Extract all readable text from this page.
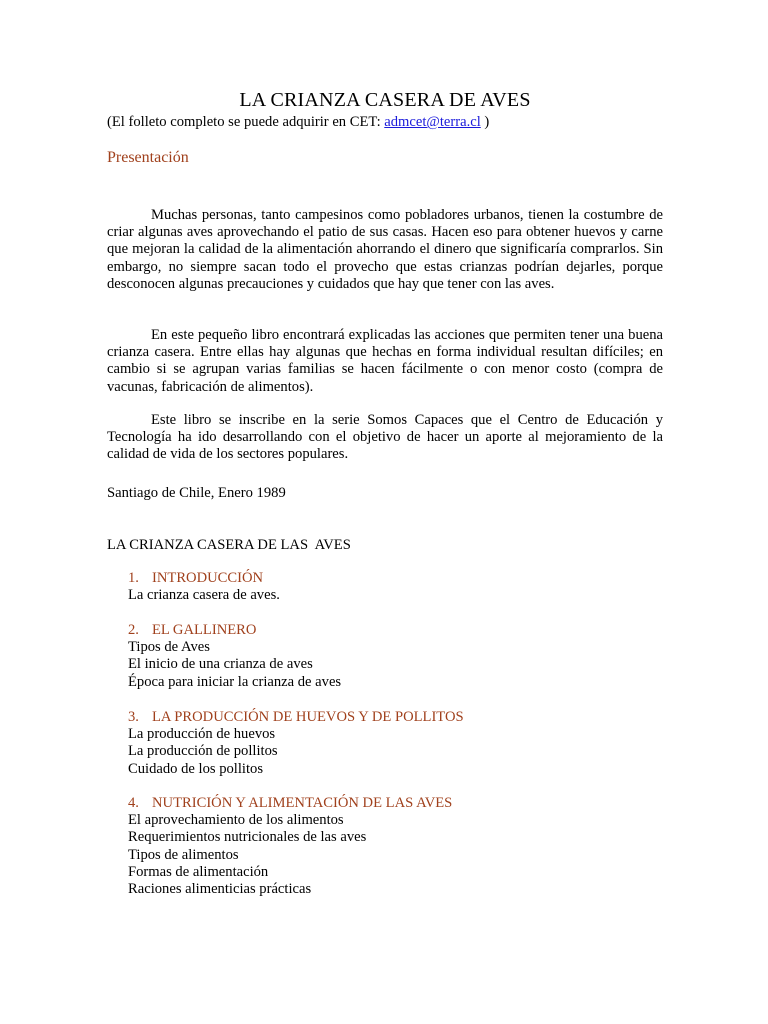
LA CRIANZA CASERA DE AVES
(El folleto completo se puede adquirir en CET: admcet@terra.cl )
Presentación

Muchas personas, tanto campesinos como pobladores urbanos, tienen la costumbre de criar algunas aves aprovechando el patio de sus casas. Hacen eso para obtener huevos y carne que mejoran la calidad de la alimentación ahorrando el dinero que significaría comprarlos. Sin embargo, no siempre sacan todo el provecho que estas crianzas podrían dejarles, porque desconocen algunas precauciones y cuidados que hay que tener con las aves.

En este pequeño libro encontrará explicadas las acciones que permiten tener una buena crianza casera. Entre ellas hay algunas que hechas en forma individual resultan difíciles; en cambio si se agrupan varias familias se hacen fácilmente o con menor costo (compra de vacunas, fabricación de alimentos).

Este libro se inscribe en la serie Somos Capaces que el Centro de Educación y Tecnología ha ido desarrollando con el objetivo de hacer un aporte al mejoramiento de la calidad de vida de los sectores populares.

Santiago de Chile, Enero 1989
LA CRIANZA CASERA DE LAS  AVES
1. INTRODUCCIÓN
La crianza casera de aves.
2. EL GALLINERO
Tipos de Aves
El inicio de una crianza de aves
Época para iniciar la crianza de aves
3. LA PRODUCCIÓN DE HUEVOS Y DE POLLITOS
La producción de huevos
La producción de pollitos
Cuidado de los pollitos
4. NUTRICIÓN Y ALIMENTACIÓN DE LAS AVES
El aprovechamiento de los alimentos
Requerimientos nutricionales de las aves
Tipos de alimentos
Formas de alimentación
Raciones alimenticias prácticas
